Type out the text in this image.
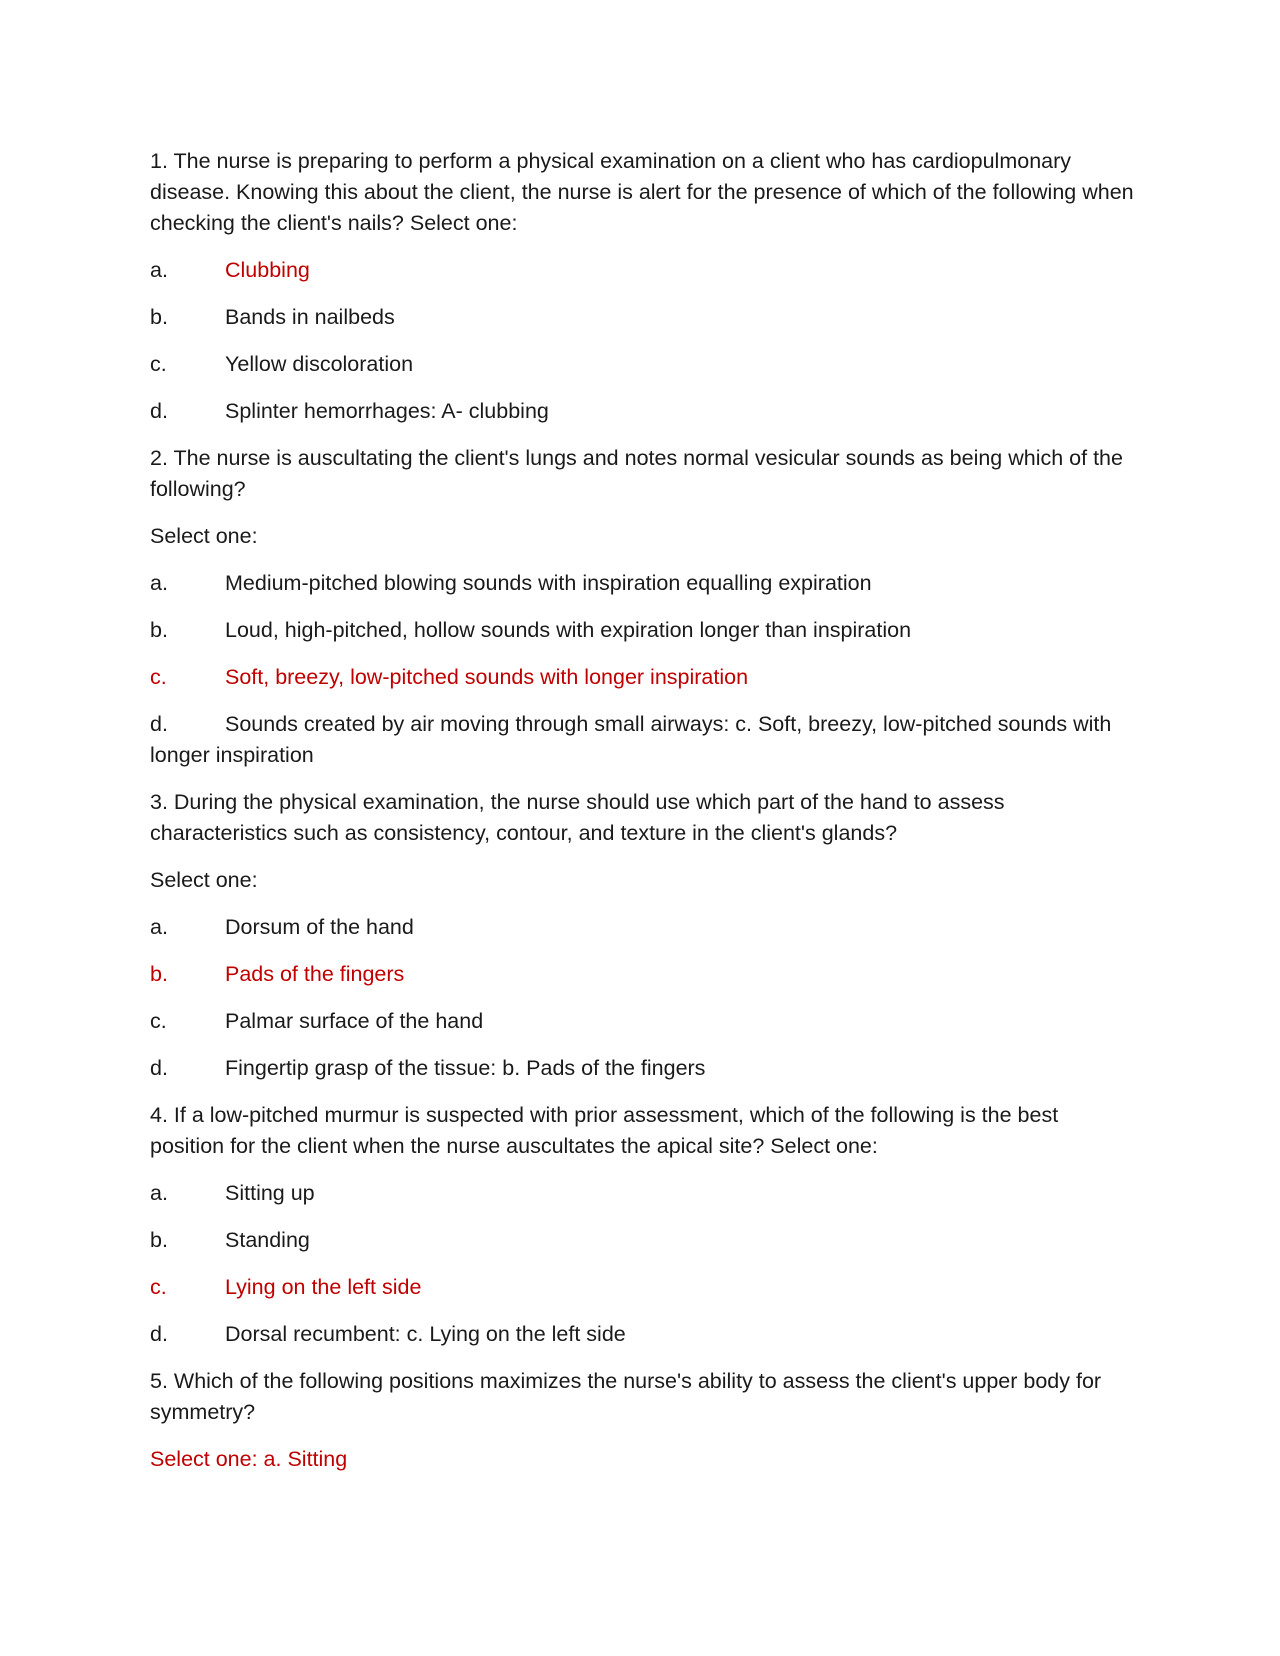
1. The nurse is preparing to perform a physical examination on a client who has cardiopulmonary disease. Knowing this about the client, the nurse is alert for the presence of which of the following when checking the client's nails? Select one:

a.	Clubbing
b.	Bands in nailbeds
c.	Yellow discoloration
d.	Splinter hemorrhages: A- clubbing

2. The nurse is auscultating the client's lungs and notes normal vesicular sounds as being which of the following?

Select one:

a.	Medium-pitched blowing sounds with inspiration equalling expiration
b.	Loud, high-pitched, hollow sounds with expiration longer than inspiration
c.	Soft, breezy, low-pitched sounds with longer inspiration

d.	Sounds created by air moving through small airways: c. Soft, breezy, low-pitched sounds with longer inspiration

3. During the physical examination, the nurse should use which part of the hand to assess characteristics such as consistency, contour, and texture in the client's glands?

Select one:

a.	Dorsum of the hand
b.	Pads of the fingers
c.	Palmar surface of the hand
d.	Fingertip grasp of the tissue: b. Pads of the fingers

4. If a low-pitched murmur is suspected with prior assessment, which of the following is the best position for the client when the nurse auscultates the apical site? Select one:

a.	Sitting up
b.	Standing
c.	Lying on the left side
d.	Dorsal recumbent: c. Lying on the left side

5. Which of the following positions maximizes the nurse's ability to assess the client's upper body for symmetry?

Select one: a. Sitting
